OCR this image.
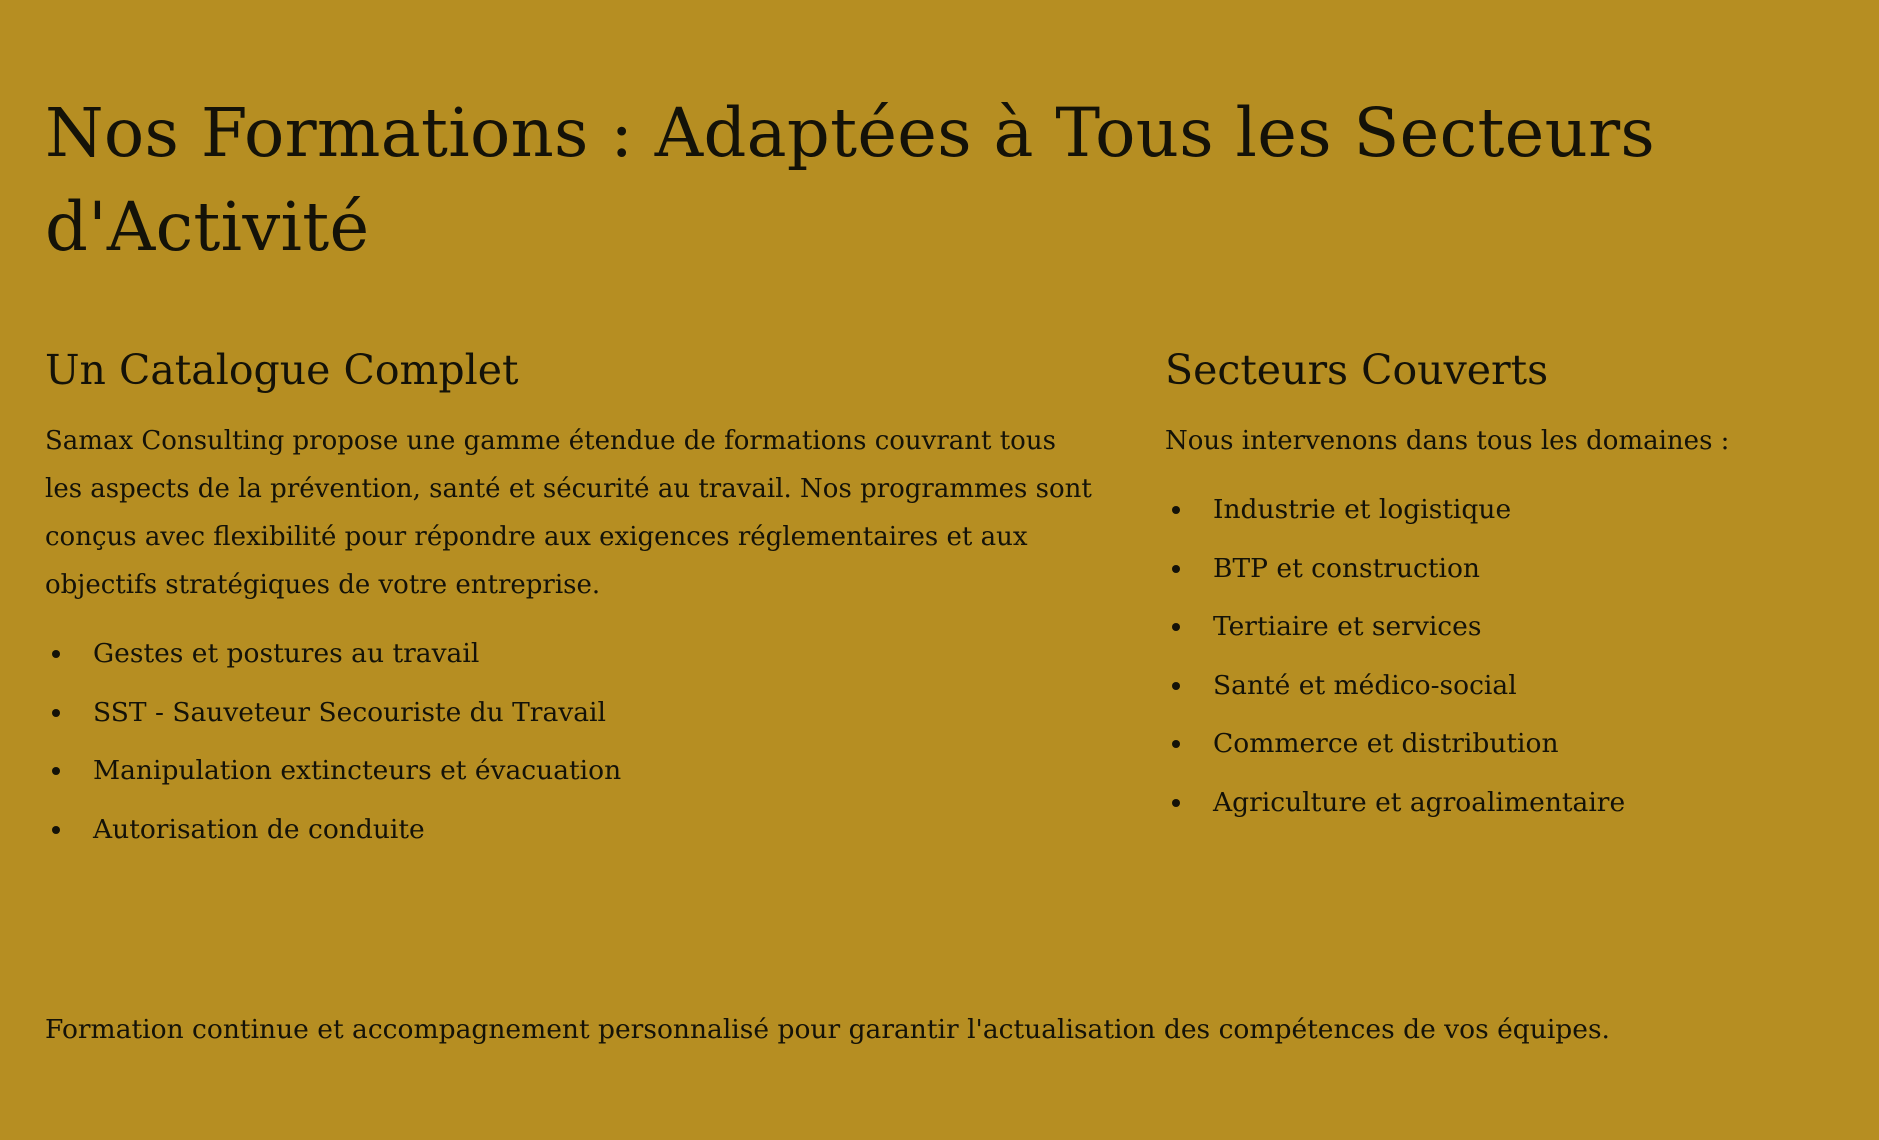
Nos Formations : Adaptées à Tous les Secteurs d'Activité
Un Catalogue Complet

Samax Consulting propose une gamme étendue de formations couvrant tous les aspects de la prévention, santé et sécurité au travail. Nos programmes sont conçus avec flexibilité pour répondre aux exigences réglementaires et aux objectifs stratégiques de votre entreprise.

Gestes et postures au travail
SST - Sauveteur Secouriste du Travail
Manipulation extincteurs et évacuation
Autorisation de conduite
Secteurs Couverts

Nous intervenons dans tous les domaines :

Industrie et logistique
BTP et construction
Tertiaire et services
Santé et médico-social
Commerce et distribution
Agriculture et agroalimentaire

Formation continue et accompagnement personnalisé pour garantir l'actualisation des compétences de vos équipes.
